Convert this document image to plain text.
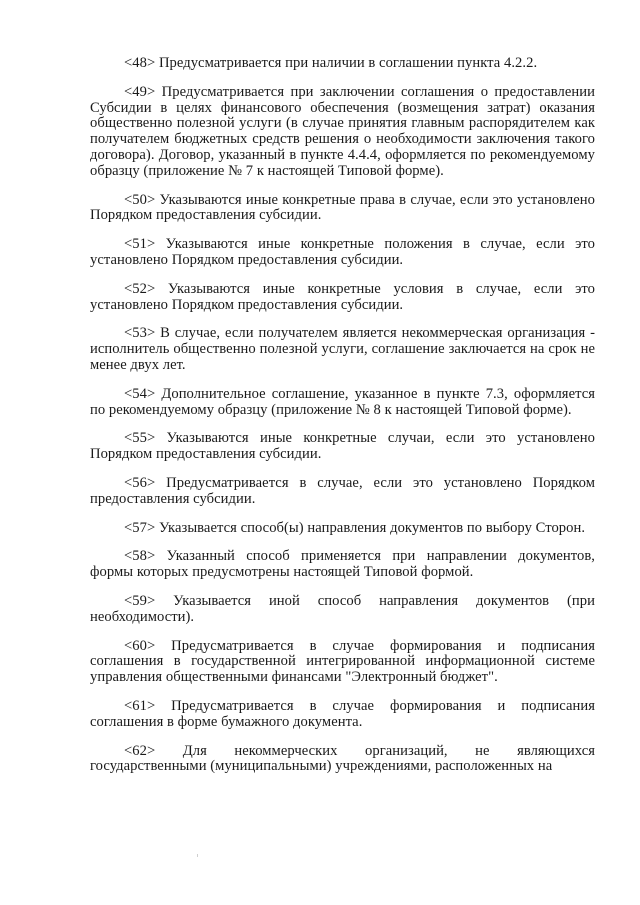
<48> Предусматривается при наличии в соглашении пункта 4.2.2.

<49> Предусматривается при заключении соглашения о предоставлении Субсидии в целях финансового обеспечения (возмещения затрат) оказания общественно полезной услуги (в случае принятия главным распорядителем как получателем бюджетных средств решения о необходимости заключения такого договора). Договор, указанный в пункте 4.4.4, оформляется по рекомендуемому образцу (приложение № 7 к настоящей Типовой форме).

<50> Указываются иные конкретные права в случае, если это установлено Порядком предоставления субсидии.

<51> Указываются иные конкретные положения в случае, если это установлено Порядком предоставления субсидии.

<52> Указываются иные конкретные условия в случае, если это установлено Порядком предоставления субсидии.

<53> В случае, если получателем является некоммерческая организация - исполнитель общественно полезной услуги, соглашение заключается на срок не менее двух лет.

<54> Дополнительное соглашение, указанное в пункте 7.3, оформляется по рекомендуемому образцу (приложение № 8 к настоящей Типовой форме).

<55> Указываются иные конкретные случаи, если это установлено Порядком предоставления субсидии.

<56> Предусматривается в случае, если это установлено Порядком предоставления субсидии.

<57> Указывается способ(ы) направления документов по выбору Сторон.

<58> Указанный способ применяется при направлении документов, формы которых предусмотрены настоящей Типовой формой.

<59> Указывается иной способ направления документов (при необходимости).

<60> Предусматривается в случае формирования и подписания соглашения в государственной интегрированной информационной системе управления общественными финансами "Электронный бюджет".

<61> Предусматривается в случае формирования и подписания соглашения в форме бумажного документа.

<62> Для некоммерческих организаций, не являющихся государственными (муниципальными) учреждениями, расположенных на
